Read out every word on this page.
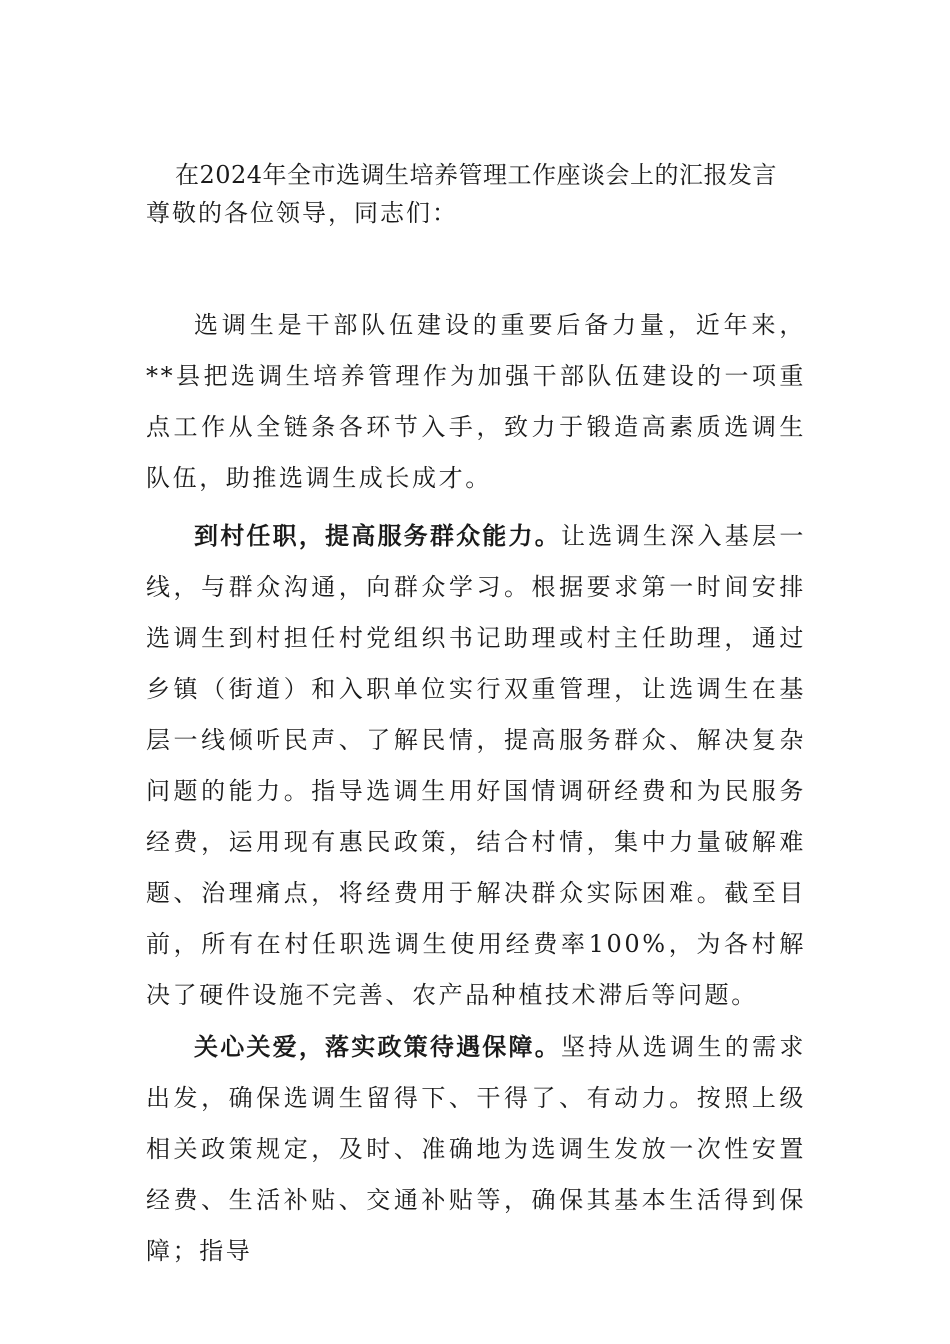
在2024年全市选调生培养管理工作座谈会上的汇报发言
尊敬的各位领导，同志们：

选调生是干部队伍建设的重要后备力量，近年来，**县把选调生培养管理作为加强干部队伍建设的一项重点工作从全链条各环节入手，致力于锻造高素质选调生队伍，助推选调生成长成才。

到村任职，提高服务群众能力。让选调生深入基层一线，与群众沟通，向群众学习。根据要求第一时间安排选调生到村担任村党组织书记助理或村主任助理，通过乡镇（街道）和入职单位实行双重管理，让选调生在基层一线倾听民声、了解民情，提高服务群众、解决复杂问题的能力。指导选调生用好国情调研经费和为民服务经费，运用现有惠民政策，结合村情，集中力量破解难题、治理痛点，将经费用于解决群众实际困难。截至目前，所有在村任职选调生使用经费率100%，为各村解决了硬件设施不完善、农产品种植技术滞后等问题。

关心关爱，落实政策待遇保障。坚持从选调生的需求出发，确保选调生留得下、干得了、有动力。按照上级相关政策规定，及时、准确地为选调生发放一次性安置经费、生活补贴、交通补贴等，确保其基本生活得到保障；指导
